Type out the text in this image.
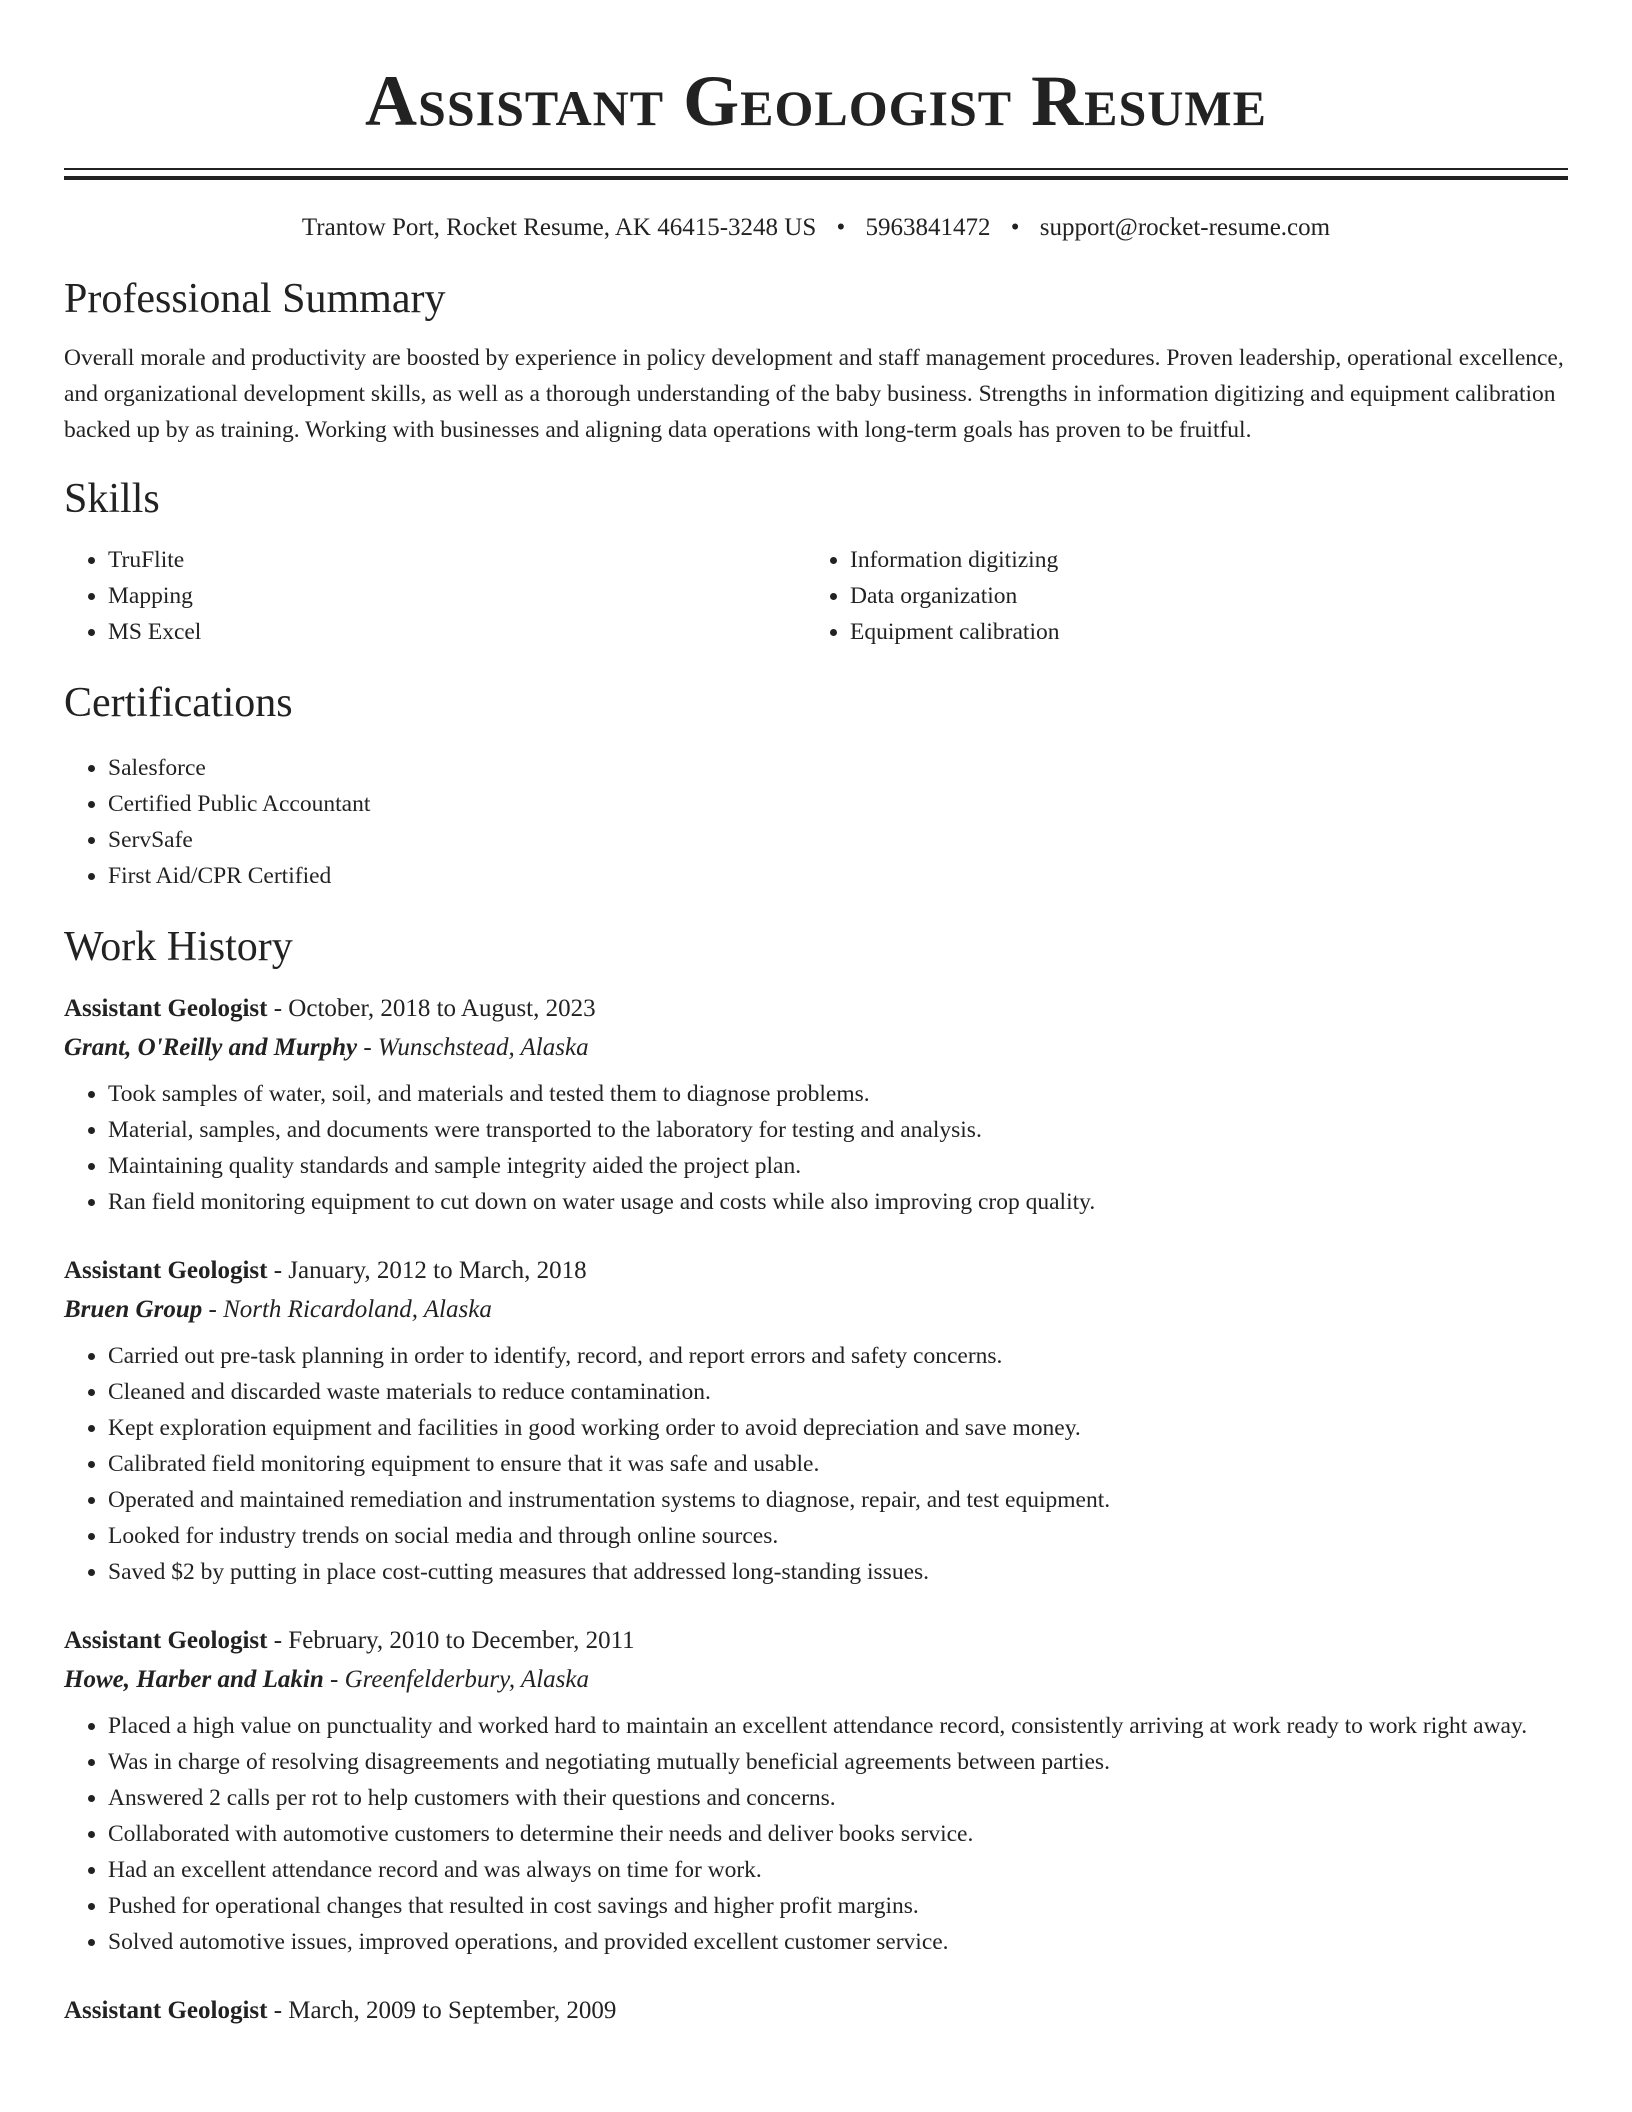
Assistant Geologist Resume
Trantow Port, Rocket Resume, AK 46415-3248 US • 5963841472 • support@rocket-resume.com
Professional Summary
Overall morale and productivity are boosted by experience in policy development and staff management procedures. Proven leadership, operational excellence, and organizational development skills, as well as a thorough understanding of the baby business. Strengths in information digitizing and equipment calibration backed up by as training. Working with businesses and aligning data operations with long-term goals has proven to be fruitful.
Skills
• TruFlite
• Mapping
• MS Excel
• Information digitizing
• Data organization
• Equipment calibration
Certifications
• Salesforce
• Certified Public Accountant
• ServSafe
• First Aid/CPR Certified
Work History
Assistant Geologist - October, 2018 to August, 2023
Grant, O'Reilly and Murphy - Wunschstead, Alaska
• Took samples of water, soil, and materials and tested them to diagnose problems.
• Material, samples, and documents were transported to the laboratory for testing and analysis.
• Maintaining quality standards and sample integrity aided the project plan.
• Ran field monitoring equipment to cut down on water usage and costs while also improving crop quality.
Assistant Geologist - January, 2012 to March, 2018
Bruen Group - North Ricardoland, Alaska
• Carried out pre-task planning in order to identify, record, and report errors and safety concerns.
• Cleaned and discarded waste materials to reduce contamination.
• Kept exploration equipment and facilities in good working order to avoid depreciation and save money.
• Calibrated field monitoring equipment to ensure that it was safe and usable.
• Operated and maintained remediation and instrumentation systems to diagnose, repair, and test equipment.
• Looked for industry trends on social media and through online sources.
• Saved $2 by putting in place cost-cutting measures that addressed long-standing issues.
Assistant Geologist - February, 2010 to December, 2011
Howe, Harber and Lakin - Greenfelderbury, Alaska
• Placed a high value on punctuality and worked hard to maintain an excellent attendance record, consistently arriving at work ready to work right away.
• Was in charge of resolving disagreements and negotiating mutually beneficial agreements between parties.
• Answered 2 calls per rot to help customers with their questions and concerns.
• Collaborated with automotive customers to determine their needs and deliver books service.
• Had an excellent attendance record and was always on time for work.
• Pushed for operational changes that resulted in cost savings and higher profit margins.
• Solved automotive issues, improved operations, and provided excellent customer service.
Assistant Geologist - March, 2009 to September, 2009
